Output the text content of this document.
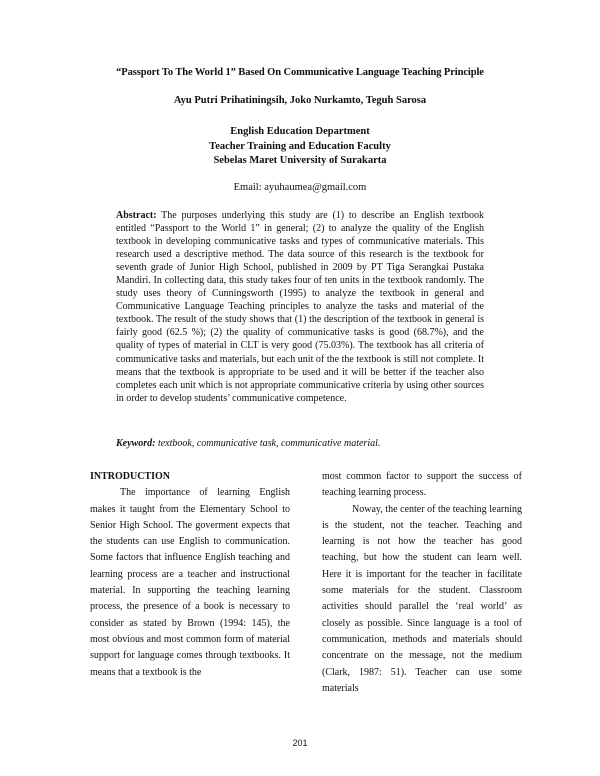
“Passport To The World 1” Based On Communicative Language Teaching Principle
Ayu Putri Prihatiningsih, Joko Nurkamto, Teguh Sarosa
English Education Department
Teacher Training and Education Faculty
Sebelas Maret University of Surakarta
Email: ayuhaumea@gmail.com
Abstract: The purposes underlying this study are (1) to describe an English textbook entitled “Passport to the World 1” in general; (2) to analyze the quality of the English textbook in developing communicative tasks and types of communicative materials. This research used a descriptive method. The data source of this research is the textbook for seventh grade of Junior High School, published in 2009 by PT Tiga Serangkai Pustaka Mandiri. In collecting data, this study takes four of ten units in the textbook randomly. The study uses theory of Cunningsworth (1995) to analyze the textbook in general and Communicative Language Teaching principles to analyze the tasks and material of the textbook. The result of the study shows that (1) the description of the textbook in general is fairly good (62.5 %); (2) the quality of communicative tasks is good (68.7%), and the quality of types of material in CLT is very good (75.03%). The textbook has all criteria of communicative tasks and materials, but each unit of the the textbook is still not complete. It means that the textbook is appropriate to be used and it will be better if the teacher also completes each unit which is not appropriate communicative criteria by using other sources in order to develop students’ communicative competence.
Keyword: textbook, communicative task, communicative material.
INTRODUCTION
The importance of learning English makes it taught from the Elementary School to Senior High School. The goverment expects that the students can use English to communication. Some factors that influence English teaching and learning process are a teacher and instructional material. In supporting the teaching learning process, the presence of a book is necessary to consider as stated by Brown (1994: 145), the most obvious and most common form of material support for language comes through textbooks. It means that a textbook is the
most common factor to support the success of teaching learning process.
Noway, the center of the teaching learning is the student, not the teacher. Teaching and learning is not how the teacher has good teaching, but how the student can learn well. Here it is important for the teacher in facilitate some materials for the student. Classroom activities should parallel the ‘real world’ as closely as possible. Since language is a tool of communication, methods and materials should concentrate on the message, not the medium (Clark, 1987: 51). Teacher can use some materials
201
